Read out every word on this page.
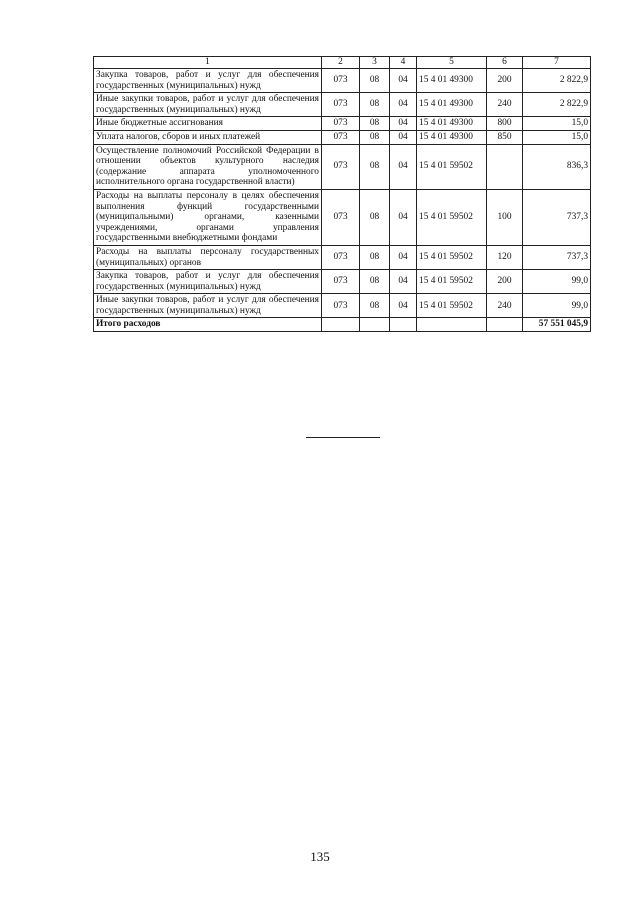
1	2	3	4	5	6	7
Закупка товаров, работ и услуг для обеспечения государственных (муниципальных) нужд	073	08	04	15 4 01 49300	200	2 822,9
Иные закупки товаров, работ и услуг для обеспечения государственных (муниципальных) нужд	073	08	04	15 4 01 49300	240	2 822,9
Иные бюджетные ассигнования	073	08	04	15 4 01 49300	800	15,0
Уплата налогов, сборов и иных платежей	073	08	04	15 4 01 49300	850	15,0
Осуществление полномочий Российской Федерации в отношении объектов культурного наследия (содержание аппарата уполномоченного исполнительного органа государственной власти)	073	08	04	15 4 01 59502		836,3
Расходы на выплаты персоналу в целях обеспечения выполнения функций государственными (муниципальными) органами, казенными учреждениями, органами управления государственными внебюджетными фондами	073	08	04	15 4 01 59502	100	737,3
Расходы на выплаты персоналу государственных (муниципальных) органов	073	08	04	15 4 01 59502	120	737,3
Закупка товаров, работ и услуг для обеспечения государственных (муниципальных) нужд	073	08	04	15 4 01 59502	200	99,0
Иные закупки товаров, работ и услуг для обеспечения государственных (муниципальных) нужд	073	08	04	15 4 01 59502	240	99,0
Итого расходов						57 551 045,9
135
